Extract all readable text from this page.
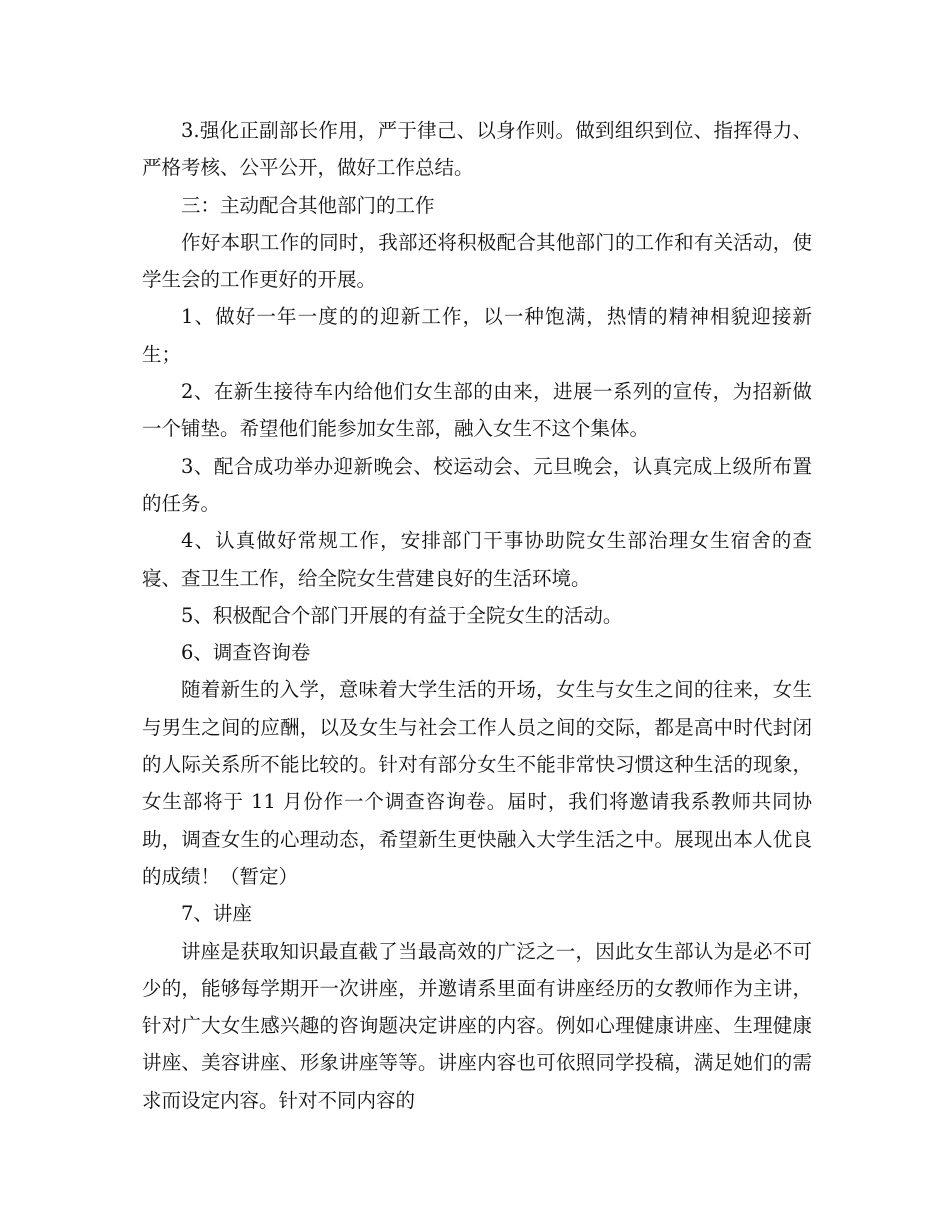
3.强化正副部长作用，严于律己、以身作则。做到组织到位、指挥得力、严格考核、公平公开，做好工作总结。

三：主动配合其他部门的工作

作好本职工作的同时，我部还将积极配合其他部门的工作和有关活动，使学生会的工作更好的开展。

1、做好一年一度的的迎新工作，以一种饱满，热情的精神相貌迎接新生；

2、在新生接待车内给他们女生部的由来，进展一系列的宣传，为招新做一个铺垫。希望他们能参加女生部，融入女生不这个集体。

3、配合成功举办迎新晚会、校运动会、元旦晚会，认真完成上级所布置的任务。

4、认真做好常规工作，安排部门干事协助院女生部治理女生宿舍的查寝、查卫生工作，给全院女生营建良好的生活环境。

5、积极配合个部门开展的有益于全院女生的活动。

6、调查咨询卷

随着新生的入学，意味着大学生活的开场，女生与女生之间的往来，女生与男生之间的应酬，以及女生与社会工作人员之间的交际，都是高中时代封闭的人际关系所不能比较的。针对有部分女生不能非常快习惯这种生活的现象，女生部将于 11 月份作一个调查咨询卷。届时，我们将邀请我系教师共同协助，调查女生的心理动态，希望新生更快融入大学生活之中。展现出本人优良的成绩！（暂定）

7、讲座

讲座是获取知识最直截了当最高效的广泛之一，因此女生部认为是必不可少的，能够每学期开一次讲座，并邀请系里面有讲座经历的女教师作为主讲，针对广大女生感兴趣的咨询题决定讲座的内容。例如心理健康讲座、生理健康讲座、美容讲座、形象讲座等等。讲座内容也可依照同学投稿，满足她们的需求而设定内容。针对不同内容的
